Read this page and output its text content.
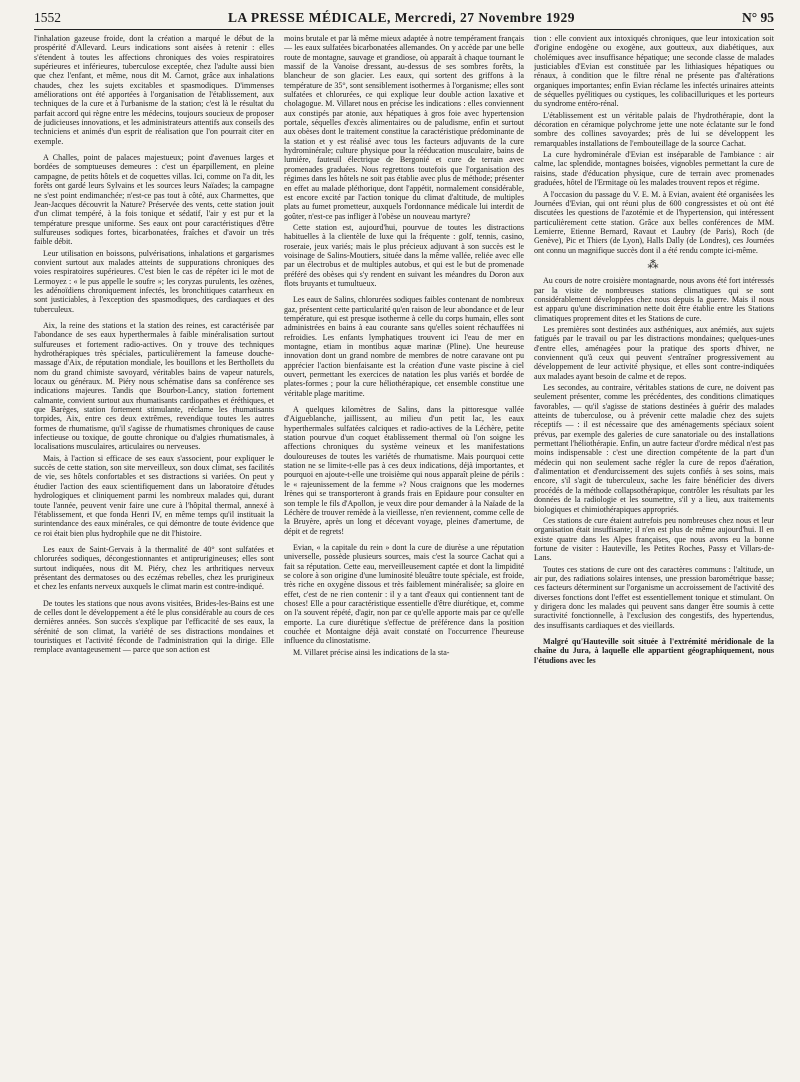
1552	LA PRESSE MÉDICALE, Mercredi, 27 Novembre 1929	N° 95

l'inhalation gazeuse froide, dont la création a marqué le début de la prospérité d'Allevard. Leurs indications sont aisées à retenir : elles s'étendent à toutes les affections chroniques des voies respiratoires supérieures et inférieures, tuberculose exceptée, chez l'adulte aussi bien que chez l'enfant, et même, nous dit M. Carnot, grâce aux inhalations chaudes, chez les sujets excitables et spasmodiques. D'immenses améliorations ont été apportées à l'organisation de l'établissement, aux techniques de la cure et à l'urbanisme de la station; c'est là le résultat du parfait accord qui règne entre les médecins, toujours soucieux de proposer de judicieuses innovations, et les administrateurs attentifs aux conseils des techniciens et animés d'un esprit de réalisation que l'on pourrait citer en exemple.

A Challes, point de palaces majestueux; point d'avenues larges et bordées de somptueuses demeures : c'est un éparpillement, en pleine campagne, de petits hôtels et de coquettes villas. Ici, comme on l'a dit, les forêts ont gardé leurs Sylvains et les sources leurs Naïades; la campagne ne s'est point endimanchée; n'est-ce pas tout à côté, aux Charmettes, que Jean-Jacques découvrit la Nature? Préservée des vents, cette station jouit d'un climat tempéré, à la fois tonique et sédatif, l'air y est pur et la température presque uniforme. Ses eaux ont pour caractéristiques d'être sulfureuses sodiques fortes, bicarbonatées, fraîches et d'avoir un très faible débit.

Leur utilisation en boissons, pulvérisations, inhalations et gargarismes convient surtout aux malades atteints de suppurations chroniques des voies respiratoires supérieures. C'est bien le cas de répéter ici le mot de Lermoyez : « le pus appelle le soufre »; les coryzas purulents, les ozènes, les adénoïdiens chroniquement infectés, les bronchitiques catarrheux en sont justiciables, à l'exception des spasmodiques, des cardiaques et des tuberculeux.

Aix, la reine des stations et la station des reines, est caractérisée par l'abondance de ses eaux hyperthermales à faible minéralisation surtout sulfureuses et fortement radio-actives. On y trouve des techniques hydrothérapiques très spéciales, particulièrement la fameuse douche-massage d'Aix, de réputation mondiale, les bouillons et les Berthollets du nom du grand chimiste savoyard, véritables bains de vapeur naturels, locaux ou généraux. M. Piéry nous schématise dans sa conférence ses indications majeures. Tandis que Bourbon-Lancy, station fortement calmante, convient surtout aux rhumatisants cardiopathes et éréthiques, et que Barèges, station fortement stimulante, réclame les rhumatisants torpides, Aix, entre ces deux extrêmes, revendique toutes les autres formes de rhumatisme, qu'il s'agisse de rhumatismes chroniques de cause infectieuse ou toxique, de goutte chronique ou d'algies rhumatismales, à localisations musculaires, articulaires ou nerveuses.

Mais, à l'action si efficace de ses eaux s'associent, pour expliquer le succès de cette station, son site merveilleux, son doux climat, ses facilités de vie, ses hôtels confortables et ses distractions si variées. On peut y étudier l'action des eaux scientifiquement dans un laboratoire d'études hydrologiques et cliniquement parmi les nombreux malades qui, durant toute l'année, peuvent venir faire une cure à l'hôpital thermal, annexé à l'établissement, et que fonda Henri IV, en même temps qu'il instituait la surintendance des eaux minérales, ce qui démontre de toute évidence que ce roi était bien plus hydrophile que ne dit l'histoire.

Les eaux de Saint-Gervais à la thermalité de 40° sont sulfatées et chlorurées sodiques, décongestionnantes et antiprurigineuses; elles sont surtout indiquées, nous dit M. Piéry, chez les arthritiques nerveux présentant des dermatoses ou des eczémas rebelles, chez les prurigineux et chez les enfants nerveux auxquels le climat marin est contre-indiqué.

De toutes les stations que nous avons visitées, Brides-les-Bains est une de celles dont le développement a été le plus considérable au cours de ces dernières années. Son succès s'explique par l'efficacité de ses eaux, la sérénité de son climat, la variété de ses distractions mondaines et touristiques et l'activité féconde de l'administration qui la dirige. Elle remplace avantageusement — parce que son action est

moins brutale et par là même mieux adaptée à notre tempérament français — les eaux sulfatées bicarbonatées allemandes. On y accède par une belle route de montagne, sauvage et grandiose, où apparaît à chaque tournant le massif de la Vanoise dressant, au-dessus de ses sombres forêts, la blancheur de son glacier. Les eaux, qui sortent des griffons à la température de 35°, sont sensiblement isothermes à l'organisme; elles sont sulfatées et chlorurées, ce qui explique leur double action laxative et cholagogue. M. Villaret nous en précise les indications : elles conviennent aux constipés par atonie, aux hépatiques à gros foie avec hypertension portale, séquelles d'excès alimentaires ou de paludisme, enfin et surtout aux obèses dont le traitement constitue la caractéristique prédominante de la station et y est réalisé avec tous les facteurs adjuvants de la cure hydrominérale; culture physique pour la rééducation musculaire, bains de lumière, fauteuil électrique de Bergonié et cure de terrain avec promenades graduées. Nous regrettons toutefois que l'organisation des régimes dans les hôtels ne soit pas établie avec plus de méthode; présenter en effet au malade pléthorique, dont l'appétit, normalement considérable, est encore excité par l'action tonique du climat d'altitude, de multiples plats au fumet prometteur, auxquels l'ordonnance médicale lui interdit de goûter, n'est-ce pas infliger à l'obèse un nouveau martyre?

Cette station est, aujourd'hui, pourvue de toutes les distractions habituelles à la clientèle de luxe qui la fréquente : golf, tennis, casino, roseraie, jeux variés; mais le plus précieux adjuvant à son succès est le voisinage de Salins-Moutiers, située dans la même vallée, reliée avec elle par un électrobus et de multiples autobus, et qui est le but de promenade préféré des obèses qui s'y rendent en suivant les méandres du Doron aux flots bruyants et tumultueux.

Les eaux de Salins, chlorurées sodiques faibles contenant de nombreux gaz, présentent cette particularité qu'en raison de leur abondance et de leur température, qui est presque isotherme à celle du corps humain, elles sont administrées en bains à eau courante sans qu'elles soient réchauffées ni refroidies. Les enfants lymphatiques trouvent ici l'eau de mer en montagne, etiam in montibus aquæ marinæ (Pline). Une heureuse innovation dont un grand nombre de membres de notre caravane ont pu apprécier l'action bienfaisante est la création d'une vaste piscine à ciel ouvert, permettant les exercices de natation les plus variés et bordée de plates-formes ; pour la cure héliothérapique, cet ensemble constitue une véritable plage maritime.

A quelques kilomètres de Salins, dans la pittoresque vallée d'Aigueblanche, jaillissent, au milieu d'un petit lac, les eaux hyperthermales sulfatées calciques et radio-actives de la Léchère, petite station pourvue d'un coquet établissement thermal où l'on soigne les affections chroniques du système veineux et les manifestations douloureuses de toutes les variétés de rhumatisme. Mais pourquoi cette station ne se limite-t-elle pas à ces deux indications, déjà importantes, et pourquoi en ajoute-t-elle une troisième qui nous apparaît pleine de périls : le « rajeunissement de la femme »? Nous craignons que les modernes Irènes qui se transporteront à grands frais en Epidaure pour consulter en son temple le fils d'Apollon, je veux dire pour demander à la Naïade de la Léchère de trouver remède à la vieillesse, n'en reviennent, comme celle de la Bruyère, après un long et décevant voyage, pleines d'amertume, de dépit et de regrets!

Evian, « la capitale du rein » dont la cure de diurèse a une réputation universelle, possède plusieurs sources, mais c'est la source Cachat qui a fait sa réputation. Cette eau, merveilleusement captée et dont la limpidité se colore à son origine d'une luminosité bleuâtre toute spéciale, est froide, très riche en oxygène dissous et très faiblement minéralisée; sa gloire en effet, c'est de ne rien contenir : il y a tant d'eaux qui contiennent tant de choses! Elle a pour caractéristique essentielle d'être diurétique, et, comme on l'a souvent répété, d'agir, non par ce qu'elle apporte mais par ce qu'elle emporte. La cure diurétique s'effectue de préférence dans la position couchée et Montaigne déjà avait constaté on l'occurrence l'heureuse influence du clinostatisme.

M. Villaret précise ainsi les indications de la sta-

tion : elle convient aux intoxiqués chroniques, que leur intoxication soit d'origine endogène ou exogène, aux goutteux, aux diabétiques, aux cholémiques avec insuffisance hépatique; une seconde classe de malades justiciables d'Evian est constituée par les lithiasiques hépatiques ou rénaux, à condition que le filtre rénal ne présente pas d'altérations organiques importantes; enfin Evian réclame les infectés urinaires atteints de séquelles pyélitiques ou cystiques, les colibacilluriques et les porteurs du syndrome entéro-rénal.

L'établissement est un véritable palais de l'hydrothérapie, dont la décoration en céramique polychrome jette une note éclatante sur le fond sombre des collines savoyardes; près de lui se développent les remarquables installations de l'embouteillage de la source Cachat.

La cure hydrominérale d'Evian est inséparable de l'ambiance : air calme, lac splendide, montagnes boisées, vignobles permettant la cure de raisins, stade d'éducation physique, cure de terrain avec promenades graduées, hôtel de l'Ermitage où les malades trouvent repos et régime.

A l'occasion du passage du V. E. M. à Evian, avaient été organisées les Journées d'Evian, qui ont réuni plus de 600 congressistes et où ont été discutées les questions de l'azotémie et de l'hypertension, qui intéressent particulièrement cette station. Grâce aux belles conférences de MM. Lemierre, Etienne Bernard, Ravaut et Laubry (de Paris), Roch (de Genève), Pic et Thiers (de Lyon), Halls Dally (de Londres), ces Journées ont connu un magnifique succès dont il a été rendu compte ici-même.

⁂

Au cours de notre croisière montagnarde, nous avons été fort intéressés par la visite de nombreuses stations climatiques qui se sont considérablement développées chez nous depuis la guerre. Mais il nous est apparu qu'une discrimination nette doit être établie entre les Stations climatiques proprement dites et les Stations de cure.

Les premières sont destinées aux asthéniques, aux anémiés, aux sujets fatigués par le travail ou par les distractions mondaines; quelques-unes d'entre elles, aménagées pour la pratique des sports d'hiver, ne conviennent qu'à ceux qui peuvent s'entraîner progressivement au développement de leur activité physique, et elles sont contre-indiquées aux malades ayant besoin de calme et de repos.

Les secondes, au contraire, véritables stations de cure, ne doivent pas seulement présenter, comme les précédentes, des conditions climatiques favorables, — qu'il s'agisse de stations destinées à guérir des malades atteints de tuberculose, ou à prévenir cette maladie chez des sujets réceptifs — : il est nécessaire que des aménagements spéciaux soient prévus, par exemple des galeries de cure sanatoriale ou des installations permettant l'héliothérapie. Enfin, un autre facteur d'ordre médical n'est pas moins indispensable : c'est une direction compétente de la part d'un médecin qui non seulement sache régler la cure de repos d'aération, d'alimentation et d'endurcissement des sujets confiés à ses soins, mais encore, s'il s'agit de tuberculeux, sache les faire bénéficier des divers procédés de la méthode collapsothérapique, contrôler les résultats par les données de la radiologie et les soumettre, s'il y a lieu, aux traitements biologiques et chimiothérapiques appropriés.

Ces stations de cure étaient autrefois peu nombreuses chez nous et leur organisation était insuffisante; il n'en est plus de même aujourd'hui. Il en existe quatre dans les Alpes françaises, que nous avons eu la bonne fortune de visiter : Hauteville, les Petites Roches, Passy et Villars-de-Lans.

Toutes ces stations de cure ont des caractères communs : l'altitude, un air pur, des radiations solaires intenses, une pression barométrique basse; ces facteurs déterminent sur l'organisme un accroissement de l'activité des diverses fonctions dont l'effet est essentiellement tonique et stimulant. On y dirigera donc les malades qui peuvent sans danger être soumis à cette suractivité fonctionnelle, à l'exclusion des congestifs, des hypertendus, des insuffisants cardiaques et des vieillards.

Malgré qu'Hauteville soit située à l'extrémité méridionale de la chaîne du Jura, à laquelle elle appartient géographiquement, nous l'étudions avec les
